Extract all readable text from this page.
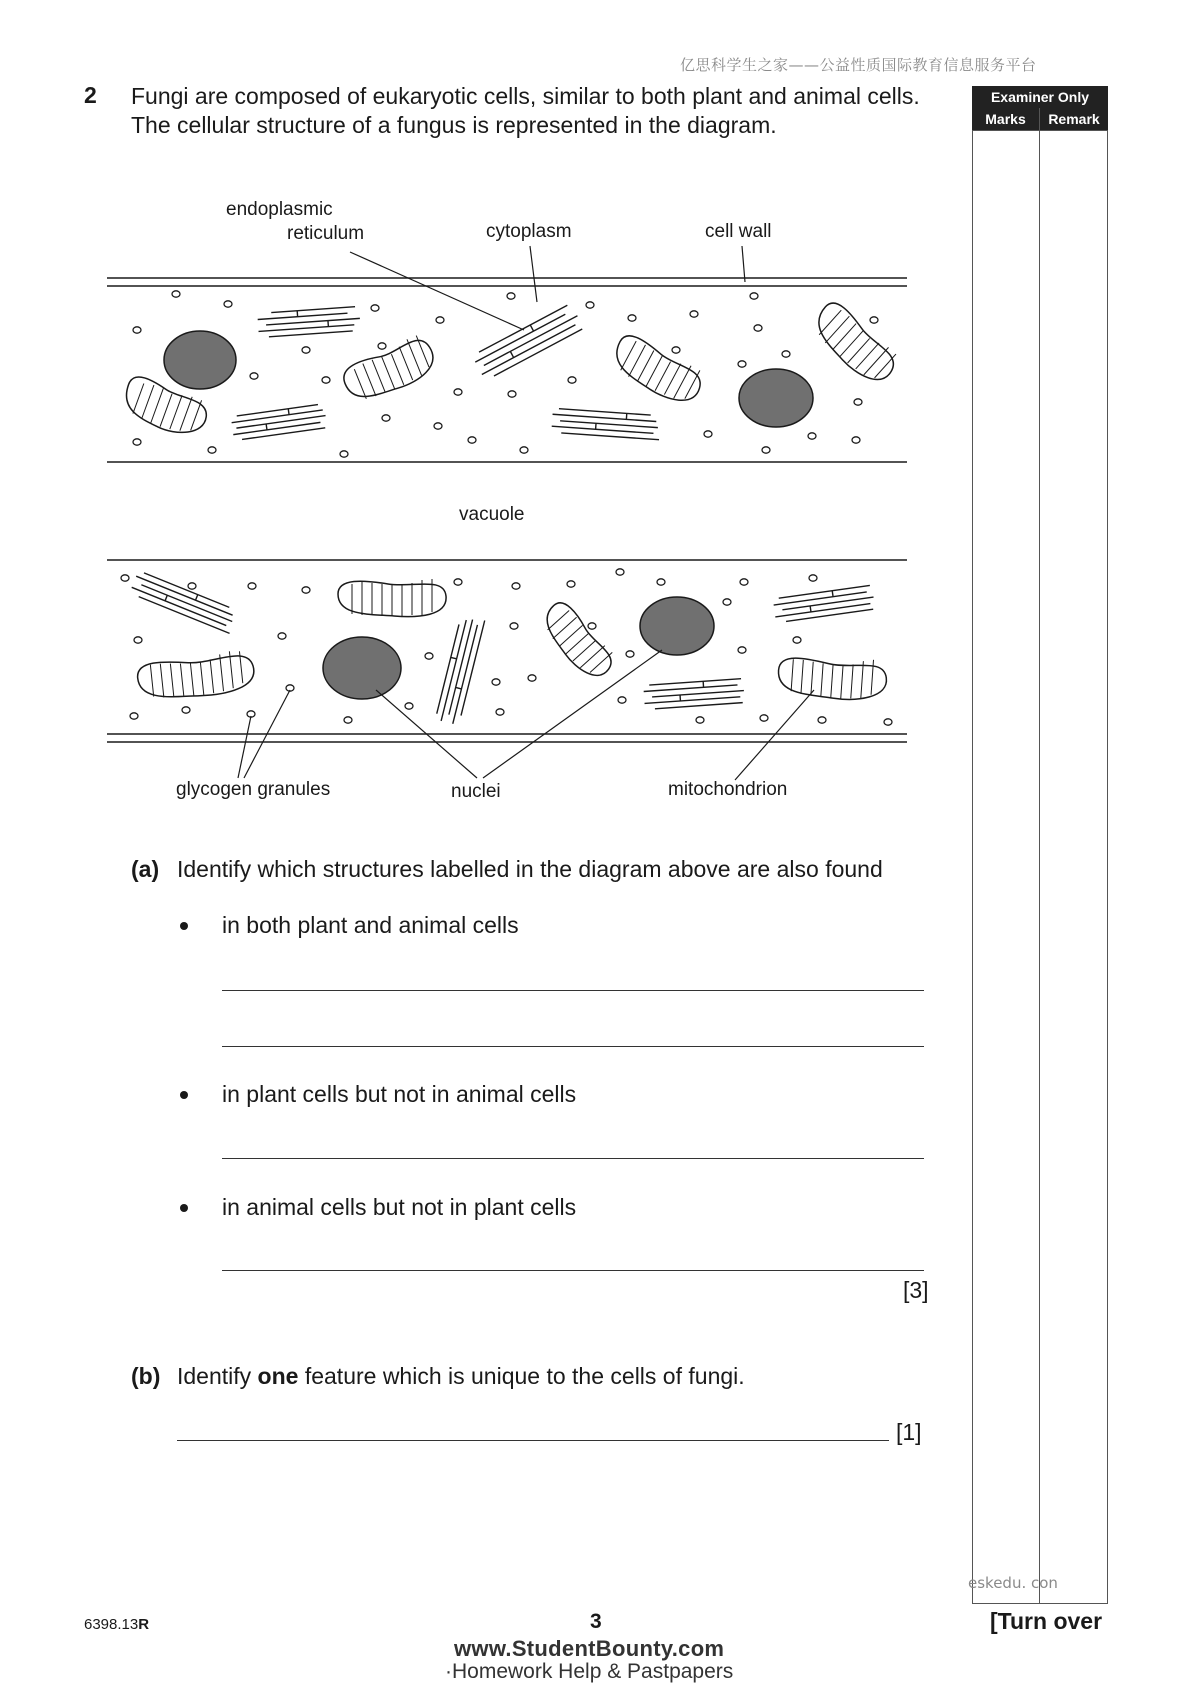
亿思科学生之家——公益性质国际教育信息服务平台
2 Fungi are composed of eukaryotic cells, similar to both plant and animal cells. The cellular structure of a fungus is represented in the diagram.
Examiner Only
Marks	Remark
endoplasmic
reticulum	cytoplasm	cell wall
vacuole
glycogen granules	nuclei	mitochondrion
(a) Identify which structures labelled in the diagram above are also found
in both plant and animal cells
in plant cells but not in animal cells
in animal cells but not in plant cells
[3]
(b) Identify one feature which is unique to the cells of fungi.
[1]
eskedu. con
6398.13R	3	[Turn over
www.StudentBounty.com
·Homework Help & Pastpapers
